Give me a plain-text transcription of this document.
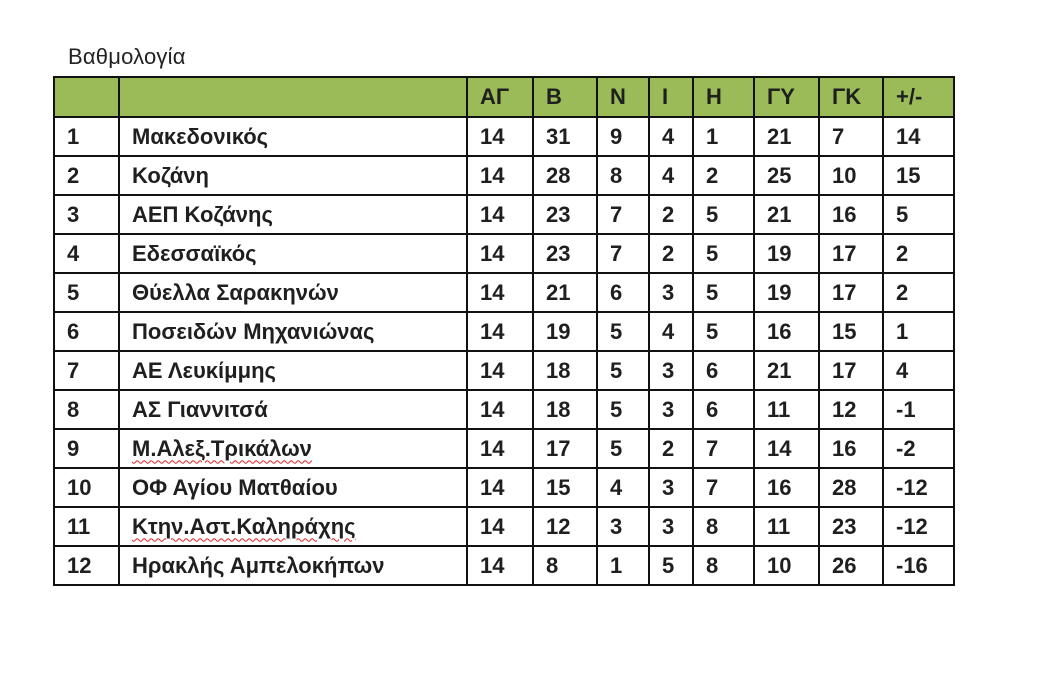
Βαθμολογία
		ΑΓ	Β	Ν	Ι	Η	ΓΥ	ΓΚ	+/-
1	Μακεδονικός	14	31	9	4	1	21	7	14
2	Κοζάνη	14	28	8	4	2	25	10	15
3	ΑΕΠ Κοζάνης	14	23	7	2	5	21	16	5
4	Εδεσσαϊκός	14	23	7	2	5	19	17	2
5	Θύελλα Σαρακηνών	14	21	6	3	5	19	17	2
6	Ποσειδών Μηχανιώνας	14	19	5	4	5	16	15	1
7	ΑΕ Λευκίμμης	14	18	5	3	6	21	17	4
8	ΑΣ Γιαννιτσά	14	18	5	3	6	11	12	-1
9	Μ.Αλεξ.Τρικάλων	14	17	5	2	7	14	16	-2
10	ΟΦ Αγίου Ματθαίου	14	15	4	3	7	16	28	-12
11	Κτην.Αστ.Καληράχης	14	12	3	3	8	11	23	-12
12	Ηρακλής Αμπελοκήπων	14	8	1	5	8	10	26	-16
